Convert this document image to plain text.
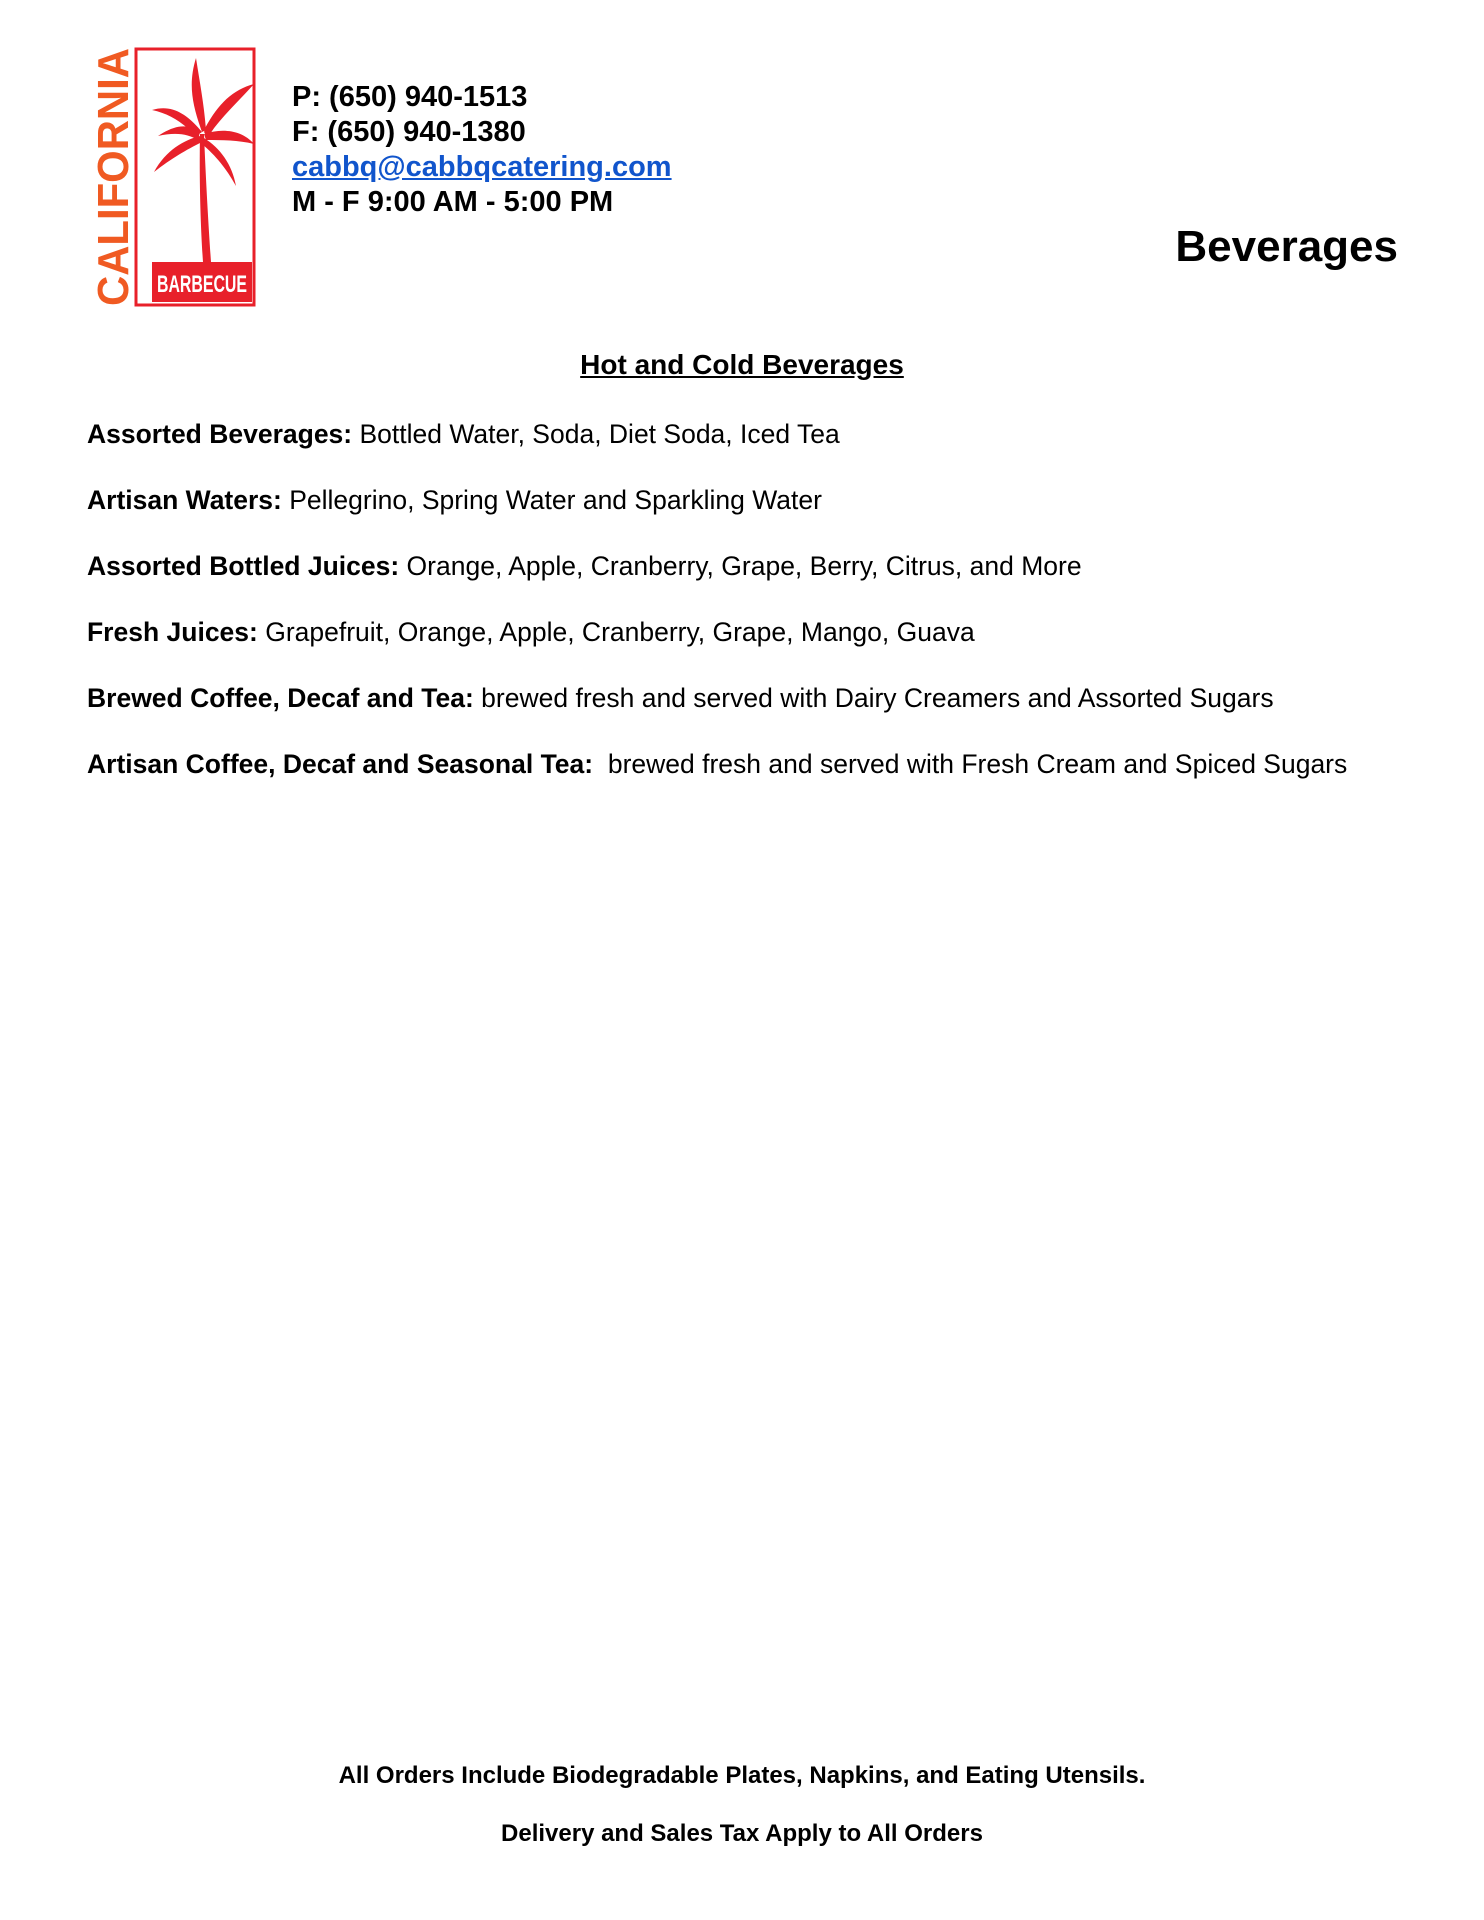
CALIFORNIA BARBECUE
P: (650) 940-1513
F: (650) 940-1380
cabbq@cabbqcatering.com
M - F 9:00 AM - 5:00 PM
Beverages
Hot and Cold Beverages
Assorted Beverages: Bottled Water, Soda, Diet Soda, Iced Tea
Artisan Waters: Pellegrino, Spring Water and Sparkling Water
Assorted Bottled Juices: Orange, Apple, Cranberry, Grape, Berry, Citrus, and More
Fresh Juices: Grapefruit, Orange, Apple, Cranberry, Grape, Mango, Guava
Brewed Coffee, Decaf and Tea: brewed fresh and served with Dairy Creamers and Assorted Sugars
Artisan Coffee, Decaf and Seasonal Tea:  brewed fresh and served with Fresh Cream and Spiced Sugars
All Orders Include Biodegradable Plates, Napkins, and Eating Utensils.
Delivery and Sales Tax Apply to All Orders
